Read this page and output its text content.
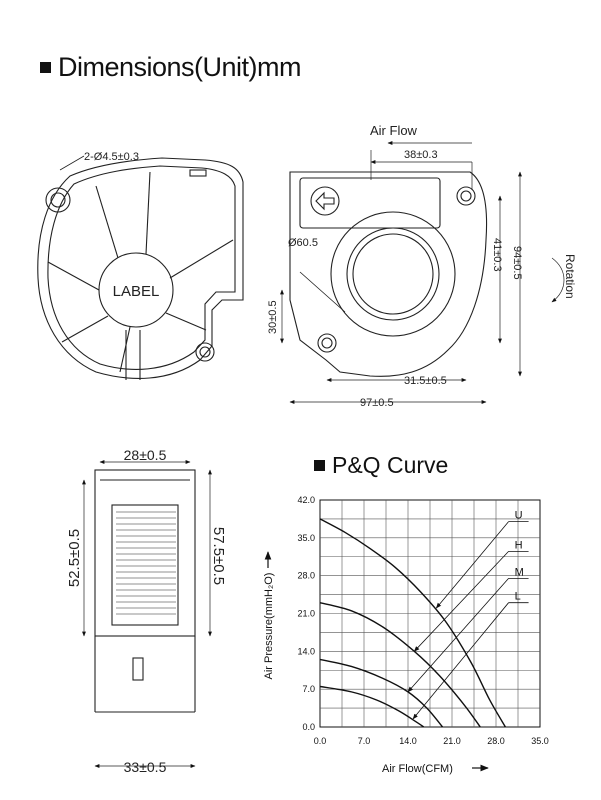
Dimensions(Unit)mm
P&Q Curve
2-Ø4.5±0.3
LABEL
Air Flow
38±0.3
Ø60.5	41±0.3 94±0.5
30±0.5
31.5±0.5
97±0.5
Rotation
28±0.5
52.5±0.5	57.5±0.5
33±0.5
0.0	7.0	14.0	21.0	28.0	35.0
0.0
7.0
14.0
21.0
28.0
35.0
42.0
U
H
M
L
Air Flow(CFM)
Air Pressure(mmH₂O)
